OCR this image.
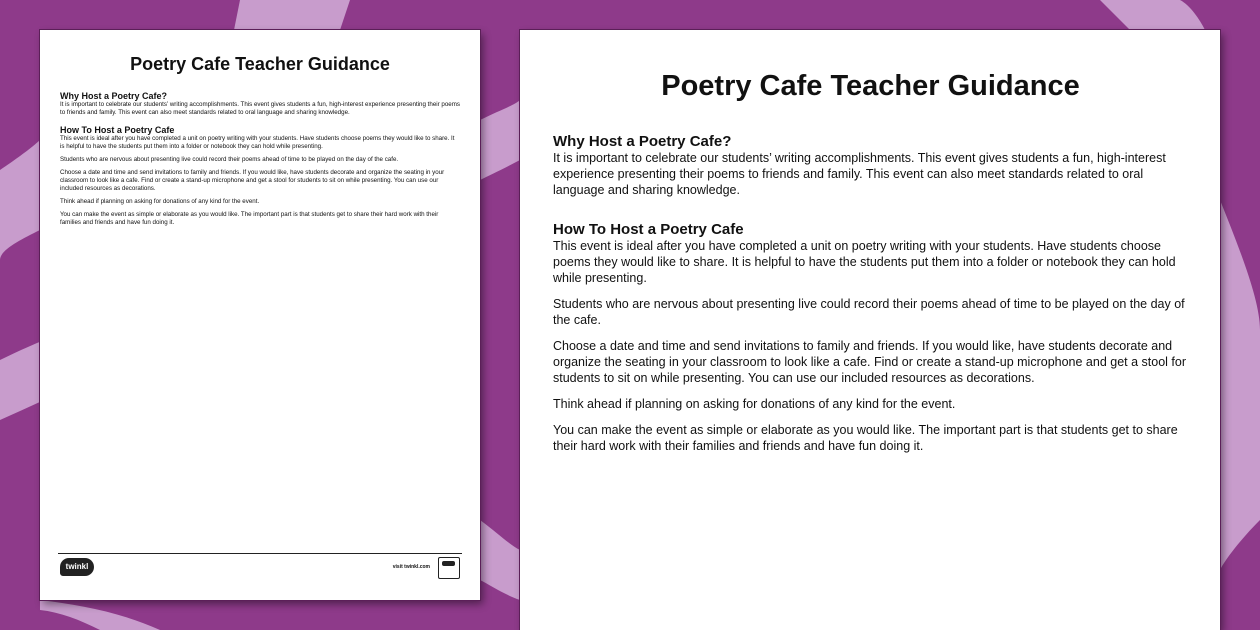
Poetry Cafe Teacher Guidance
Why Host a Poetry Cafe?

It is important to celebrate our students’ writing accomplishments. This event gives students a fun, high-interest experience presenting their poems to friends and family. This event can also meet standards related to oral language and sharing knowledge.

How To Host a Poetry Cafe

This event is ideal after you have completed a unit on poetry writing with your students. Have students choose poems they would like to share. It is helpful to have the students put them into a folder or notebook they can hold while presenting.

Students who are nervous about presenting live could record their poems ahead of time to be played on the day of the cafe.

Choose a date and time and send invitations to family and friends. If you would like, have students decorate and organize the seating in your classroom to look like a cafe. Find or create a stand-up microphone and get a stool for students to sit on while presenting. You can use our included resources as decorations.

Think ahead if planning on asking for donations of any kind for the event.

You can make the event as simple or elaborate as you would like. The important part is that students get to share their hard work with their families and friends and have fun doing it.

twinkl	visit twinkl.com
Poetry Cafe Teacher Guidance
Why Host a Poetry Cafe?

It is important to celebrate our students’ writing accomplishments. This event gives students a fun, high-interest experience presenting their poems to friends and family. This event can also meet standards related to oral language and sharing knowledge.

How To Host a Poetry Cafe

This event is ideal after you have completed a unit on poetry writing with your students. Have students choose poems they would like to share. It is helpful to have the students put them into a folder or notebook they can hold while presenting.

Students who are nervous about presenting live could record their poems ahead of time to be played on the day of the cafe.

Choose a date and time and send invitations to family and friends. If you would like, have students decorate and organize the seating in your classroom to look like a cafe. Find or create a stand-up microphone and get a stool for students to sit on while presenting. You can use our included resources as decorations.

Think ahead if planning on asking for donations of any kind for the event.

You can make the event as simple or elaborate as you would like. The important part is that students get to share their hard work with their families and friends and have fun doing it.
